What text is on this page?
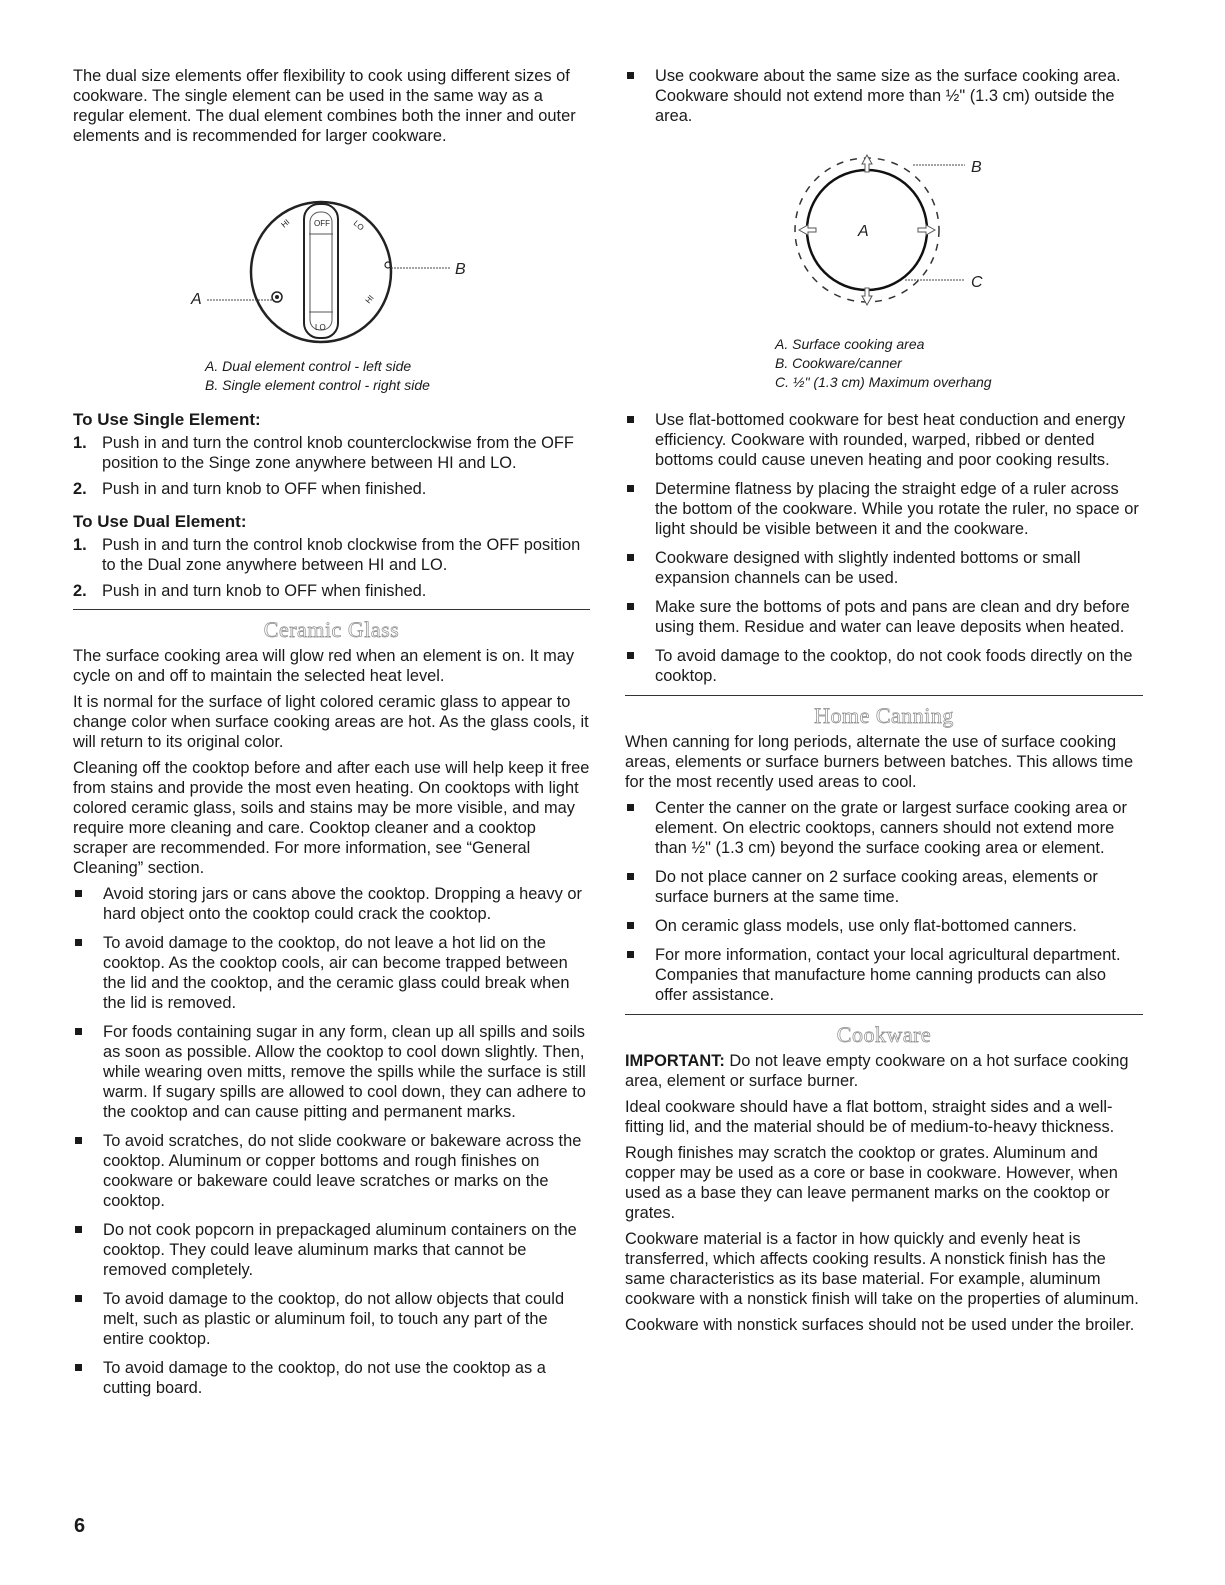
The dual size elements offer flexibility to cook using different sizes of cookware. The single element can be used in the same way as a regular element. The dual element combines both the inner and outer elements and is recommended for larger cookware.

OFF
HI	LO
HI
LO
B
A
A. Dual element control - left side
B. Single element control - right side
To Use Single Element:
1. Push in and turn the control knob counterclockwise from the OFF position to the Singe zone anywhere between HI and LO.
2. Push in and turn knob to OFF when finished.
To Use Dual Element:
1. Push in and turn the control knob clockwise from the OFF position to the Dual zone anywhere between HI and LO.
2. Push in and turn knob to OFF when finished.
Ceramic Glass

The surface cooking area will glow red when an element is on. It may cycle on and off to maintain the selected heat level.

It is normal for the surface of light colored ceramic glass to appear to change color when surface cooking areas are hot. As the glass cools, it will return to its original color.

Cleaning off the cooktop before and after each use will help keep it free from stains and provide the most even heating. On cooktops with light colored ceramic glass, soils and stains may be more visible, and may require more cleaning and care. Cooktop cleaner and a cooktop scraper are recommended. For more information, see “General Cleaning” section.

Avoid storing jars or cans above the cooktop. Dropping a heavy or hard object onto the cooktop could crack the cooktop.
To avoid damage to the cooktop, do not leave a hot lid on the cooktop. As the cooktop cools, air can become trapped between the lid and the cooktop, and the ceramic glass could break when the lid is removed.
For foods containing sugar in any form, clean up all spills and soils as soon as possible. Allow the cooktop to cool down slightly. Then, while wearing oven mitts, remove the spills while the surface is still warm. If sugary spills are allowed to cool down, they can adhere to the cooktop and can cause pitting and permanent marks.
To avoid scratches, do not slide cookware or bakeware across the cooktop. Aluminum or copper bottoms and rough finishes on cookware or bakeware could leave scratches or marks on the cooktop.
Do not cook popcorn in prepackaged aluminum containers on the cooktop. They could leave aluminum marks that cannot be removed completely.
To avoid damage to the cooktop, do not allow objects that could melt, such as plastic or aluminum foil, to touch any part of the entire cooktop.
To avoid damage to the cooktop, do not use the cooktop as a cutting board.
Use cookware about the same size as the surface cooking area. Cookware should not extend more than ½" (1.3 cm) outside the area.
B
A
C
A. Surface cooking area
B. Cookware/canner
C. ½" (1.3 cm) Maximum overhang
Use flat-bottomed cookware for best heat conduction and energy efficiency. Cookware with rounded, warped, ribbed or dented bottoms could cause uneven heating and poor cooking results.
Determine flatness by placing the straight edge of a ruler across the bottom of the cookware. While you rotate the ruler, no space or light should be visible between it and the cookware.
Cookware designed with slightly indented bottoms or small expansion channels can be used.
Make sure the bottoms of pots and pans are clean and dry before using them. Residue and water can leave deposits when heated.
To avoid damage to the cooktop, do not cook foods directly on the cooktop.
Home Canning

When canning for long periods, alternate the use of surface cooking areas, elements or surface burners between batches. This allows time for the most recently used areas to cool.

Center the canner on the grate or largest surface cooking area or element. On electric cooktops, canners should not extend more than ½" (1.3 cm) beyond the surface cooking area or element.
Do not place canner on 2 surface cooking areas, elements or surface burners at the same time.
On ceramic glass models, use only flat-bottomed canners.
For more information, contact your local agricultural department. Companies that manufacture home canning products can also offer assistance.
Cookware

IMPORTANT: Do not leave empty cookware on a hot surface cooking area, element or surface burner.

Ideal cookware should have a flat bottom, straight sides and a well-fitting lid, and the material should be of medium-to-heavy thickness.

Rough finishes may scratch the cooktop or grates. Aluminum and copper may be used as a core or base in cookware. However, when used as a base they can leave permanent marks on the cooktop or grates.

Cookware material is a factor in how quickly and evenly heat is transferred, which affects cooking results. A nonstick finish has the same characteristics as its base material. For example, aluminum cookware with a nonstick finish will take on the properties of aluminum.

Cookware with nonstick surfaces should not be used under the broiler.

6
